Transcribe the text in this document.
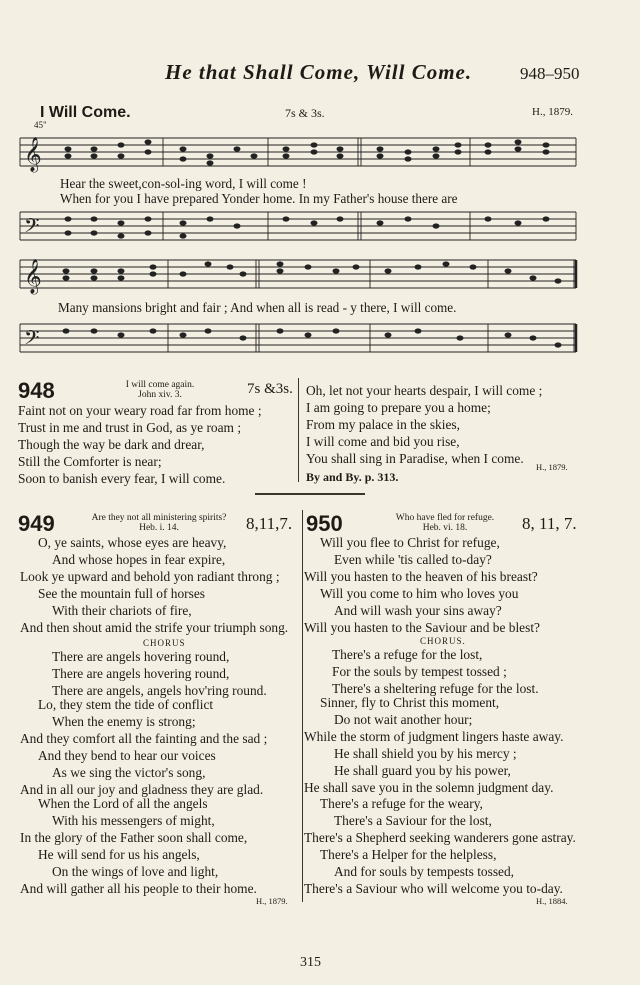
He that Shall Come, Will Come.	948–950
I Will Come.	7s & 3s.	H., 1879.
45"
𝄞
Hear the sweet,con-sol-ing word, I will come !
When for you I have prepared Yonder home. In my Father's house there are
𝄢
𝄞
Many mansions bright and fair ; And when all is read - y there, I will come.
𝄢
948	I will come again.
John xiv. 3.	7s &3s.
Faint not on your weary road far from home ;
Trust in me and trust in God, as ye roam ;
Though the way be dark and drear,
Still the Comforter is near;
Soon to banish every fear, I will come.
Oh, let not your hearts despair, I will come ;
I am going to prepare you a home;
From my palace in the skies,
I will come and bid you rise,
You shall sing in Paradise, when I come.
H., 1879.
By and By. p. 313.
949	Are they not all ministering spirits?
Heb. i. 14.	8,11,7.
O, ye saints, whose eyes are heavy,
And whose hopes in fear expire,
Look ye upward and behold yon radiant throng ;
See the mountain full of horses
With their chariots of fire,
And then shout amid the strife your triumph song.
CHORUS
There are angels hovering round,
There are angels hovering round,
There are angels, angels hov'ring round.
Lo, they stem the tide of conflict
When the enemy is strong;
And they comfort all the fainting and the sad ;
And they bend to hear our voices
As we sing the victor's song,
And in all our joy and gladness they are glad.
When the Lord of all the angels
With his messengers of might,
In the glory of the Father soon shall come,
He will send for us his angels,
On the wings of love and light,
And will gather all his people to their home.
H., 1879.
950	Who have fled for refuge.
Heb. vi. 18.	8, 11, 7.
Will you flee to Christ for refuge,
Even while 'tis called to-day?
Will you hasten to the heaven of his breast?
Will you come to him who loves you
And will wash your sins away?
Will you hasten to the Saviour and be blest?
CHORUS.
There's a refuge for the lost,
For the souls by tempest tossed ;
There's a sheltering refuge for the lost.
Sinner, fly to Christ this moment,
Do not wait another hour;
While the storm of judgment lingers haste away.
He shall shield you by his mercy ;
He shall guard you by his power,
He shall save you in the solemn judgment day.
There's a refuge for the weary,
There's a Saviour for the lost,
There's a Shepherd seeking wanderers gone astray.
There's a Helper for the helpless,
And for souls by tempests tossed,
There's a Saviour who will welcome you to-day.
H., 1884.
315
